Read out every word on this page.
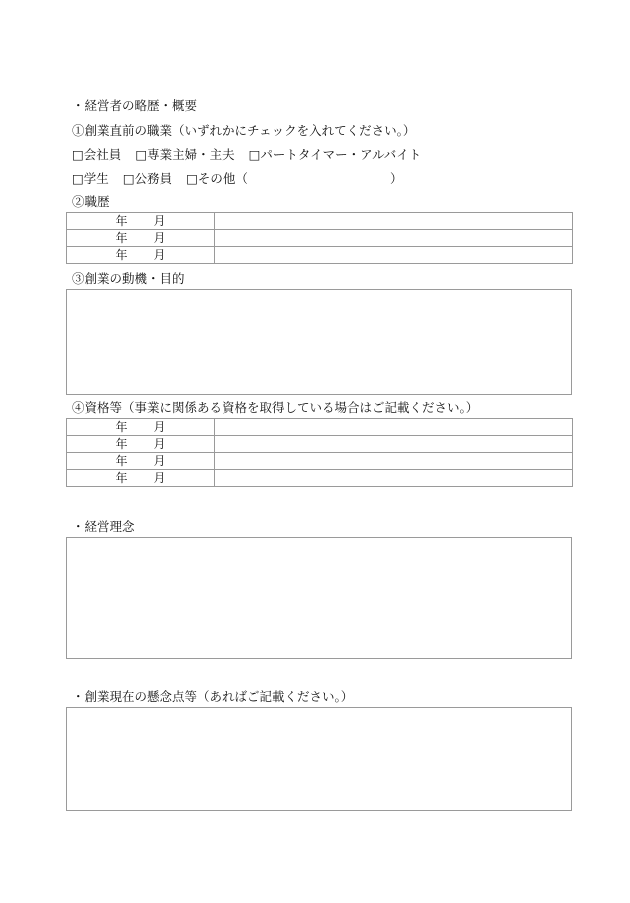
・経営者の略歴・概要
①創業直前の職業（いずれかにチェックを入れてください。）
□会社員 □専業主婦・主夫 □パートタイマー・アルバイト
□学生 □公務員 □その他（	）
②職歴
年 月	
年 月	
年 月	
③創業の動機・目的
④資格等（事業に関係ある資格を取得している場合はご記載ください。）
年 月	
年 月	
年 月	
年 月	
・経営理念
・創業現在の懸念点等（あればご記載ください。）
